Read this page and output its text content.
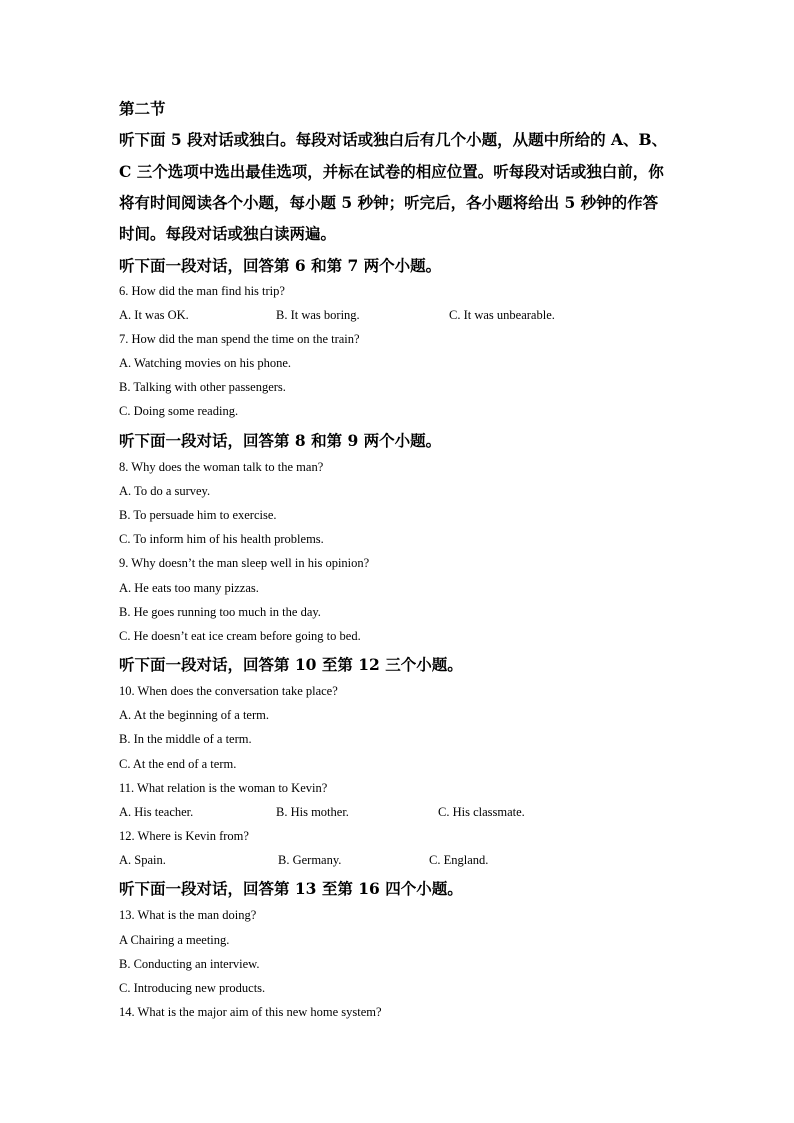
第二节
听下面 5 段对话或独白。每段对话或独白后有几个小题，从题中所给的 A、B、
C 三个选项中选出最佳选项，并标在试卷的相应位置。听每段对话或独白前，你
将有时间阅读各个小题，每小题 5 秒钟；听完后，各小题将给出 5 秒钟的作答
时间。每段对话或独白读两遍。
听下面一段对话，回答第 6 和第 7 两个小题。
6. How did the man find his trip?
A. It was OK.	B. It was boring.	C. It was unbearable.
7. How did the man spend the time on the train?
A. Watching movies on his phone.
B. Talking with other passengers.
C. Doing some reading.
听下面一段对话，回答第 8 和第 9 两个小题。
8. Why does the woman talk to the man?
A. To do a survey.
B. To persuade him to exercise.
C. To inform him of his health problems.
9. Why doesn’t the man sleep well in his opinion?
A. He eats too many pizzas.
B. He goes running too much in the day.
C. He doesn’t eat ice cream before going to bed.
听下面一段对话，回答第 10 至第 12 三个小题。
10. When does the conversation take place?
A. At the beginning of a term.
B. In the middle of a term.
C. At the end of a term.
11. What relation is the woman to Kevin?
A. His teacher.	B. His mother.	C. His classmate.
12. Where is Kevin from?
A. Spain.	B. Germany.	C. England.
听下面一段对话，回答第 13 至第 16 四个小题。
13. What is the man doing?
A Chairing a meeting.
B. Conducting an interview.
C. Introducing new products.
14. What is the major aim of this new home system?
